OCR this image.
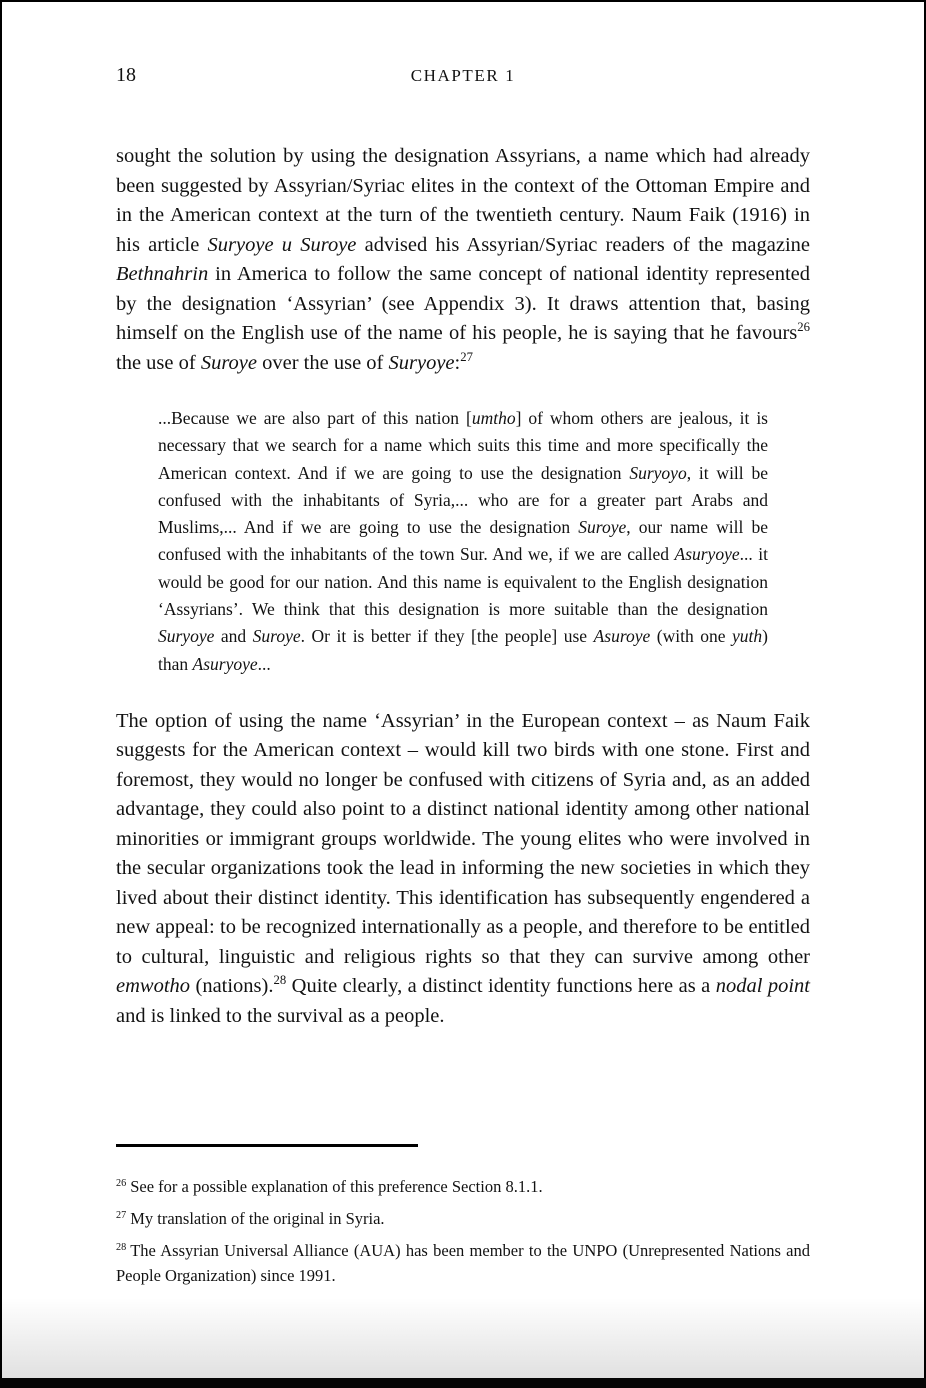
18	CHAPTER 1

sought the solution by using the designation Assyrians, a name which had already been suggested by Assyrian/Syriac elites in the context of the Ottoman Empire and in the American context at the turn of the twentieth century. Naum Faik (1916) in his article Suryoye u Suroye advised his Assyrian/Syriac readers of the magazine Bethnahrin in America to follow the same concept of national identity represented by the designation ‘Assyrian’ (see Appendix 3). It draws attention that, basing himself on the English use of the name of his people, he is saying that he favours$^{26}$ the use of Suroye over the use of Suryoye:$^{27}$

...Because we are also part of this nation [umtho] of whom others are jealous, it is necessary that we search for a name which suits this time and more specifically the American context. And if we are going to use the designation Suryoyo, it will be confused with the inhabitants of Syria,... who are for a greater part Arabs and Muslims,... And if we are going to use the designation Suroye, our name will be confused with the inhabitants of the town Sur. And we, if we are called Asuryoye... it would be good for our nation. And this name is equivalent to the English designation ‘Assyrians’. We think that this designation is more suitable than the designation Suryoye and Suroye. Or it is better if they [the people] use Asuroye (with one yuth) than Asuryoye...

The option of using the name ‘Assyrian’ in the European context – as Naum Faik suggests for the American context – would kill two birds with one stone. First and foremost, they would no longer be confused with citizens of Syria and, as an added advantage, they could also point to a distinct national identity among other national minorities or immigrant groups worldwide. The young elites who were involved in the secular organizations took the lead in informing the new societies in which they lived about their distinct identity. This identification has subsequently engendered a new appeal: to be recognized internationally as a people, and therefore to be entitled to cultural, linguistic and religious rights so that they can survive among other emwotho (nations).$^{28}$ Quite clearly, a distinct identity functions here as a nodal point and is linked to the survival as a people.

$^{26}$ See for a possible explanation of this preference Section 8.1.1.

$^{27}$ My translation of the original in Syria.

$^{28}$ The Assyrian Universal Alliance (AUA) has been member to the UNPO (Unrepresented Nations and People Organization) since 1991.
